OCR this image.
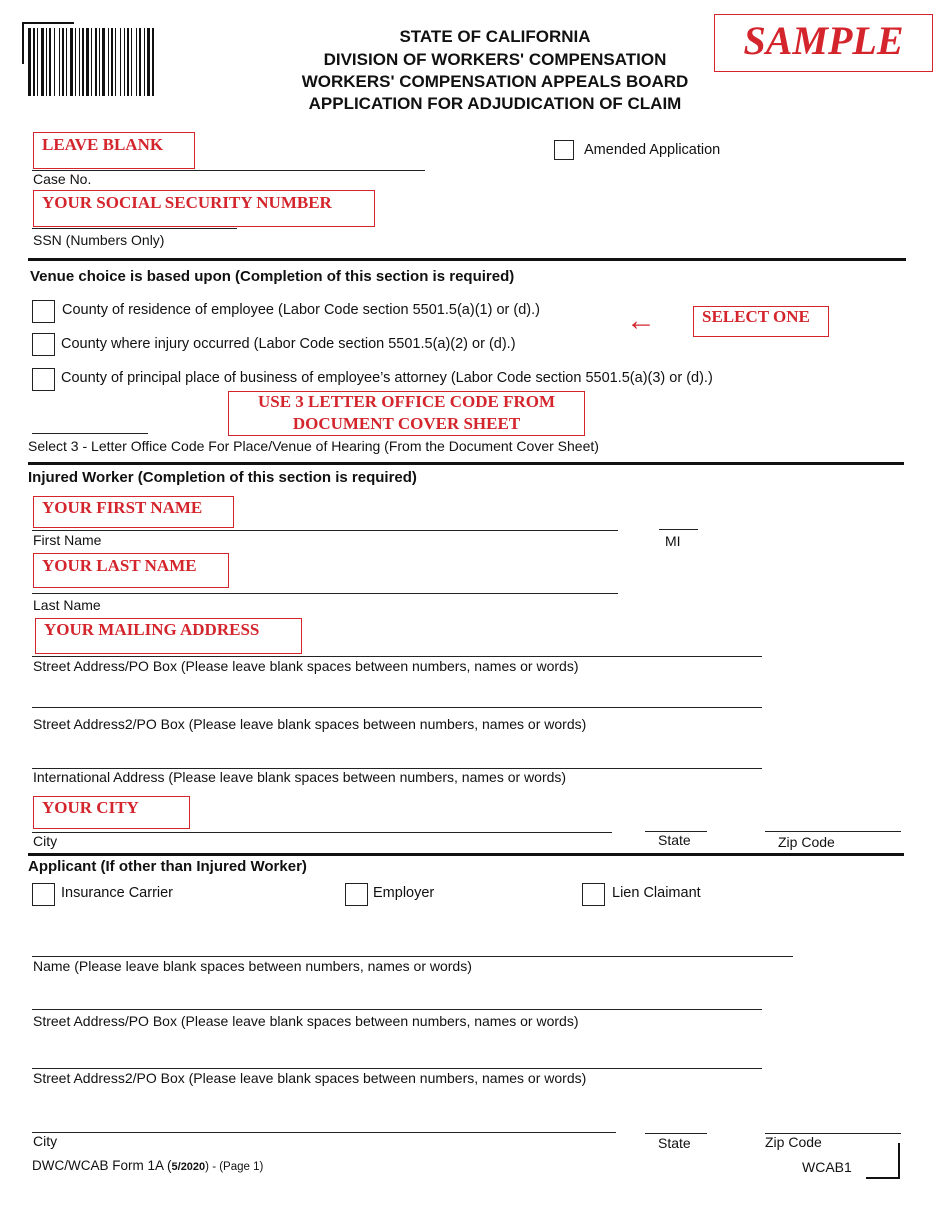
STATE OF CALIFORNIA
DIVISION OF WORKERS' COMPENSATION
WORKERS' COMPENSATION APPEALS BOARD
APPLICATION FOR ADJUDICATION OF CLAIM
SAMPLE
LEAVE BLANK	Amended Application
Case No.
YOUR SOCIAL SECURITY NUMBER
SSN (Numbers Only)
Venue choice is based upon (Completion of this section is required)
County of residence of employee (Labor Code section 5501.5(a)(1) or (d).)
County where injury occurred (Labor Code section 5501.5(a)(2) or (d).)
County of principal place of business of employee’s attorney (Labor Code section 5501.5(a)(3) or (d).)
←	SELECT ONE
USE 3 LETTER OFFICE CODE FROM
DOCUMENT COVER SHEET
Select 3 - Letter Office Code For Place/Venue of Hearing (From the Document Cover Sheet)
Injured Worker (Completion of this section is required)
YOUR FIRST NAME
First Name	MI
YOUR LAST NAME
Last Name
YOUR MAILING ADDRESS
Street Address/PO Box (Please leave blank spaces between numbers, names or words)
Street Address2/PO Box (Please leave blank spaces between numbers, names or words)
International Address (Please leave blank spaces between numbers, names or words)
YOUR CITY
City	State	Zip Code
Applicant (If other than Injured Worker)
Insurance Carrier	Employer	Lien Claimant
Name (Please leave blank spaces between numbers, names or words)
Street Address/PO Box (Please leave blank spaces between numbers, names or words)
Street Address2/PO Box (Please leave blank spaces between numbers, names or words)
City	State	Zip Code
DWC/WCAB Form 1A (5/2020) - (Page 1)	WCAB1
